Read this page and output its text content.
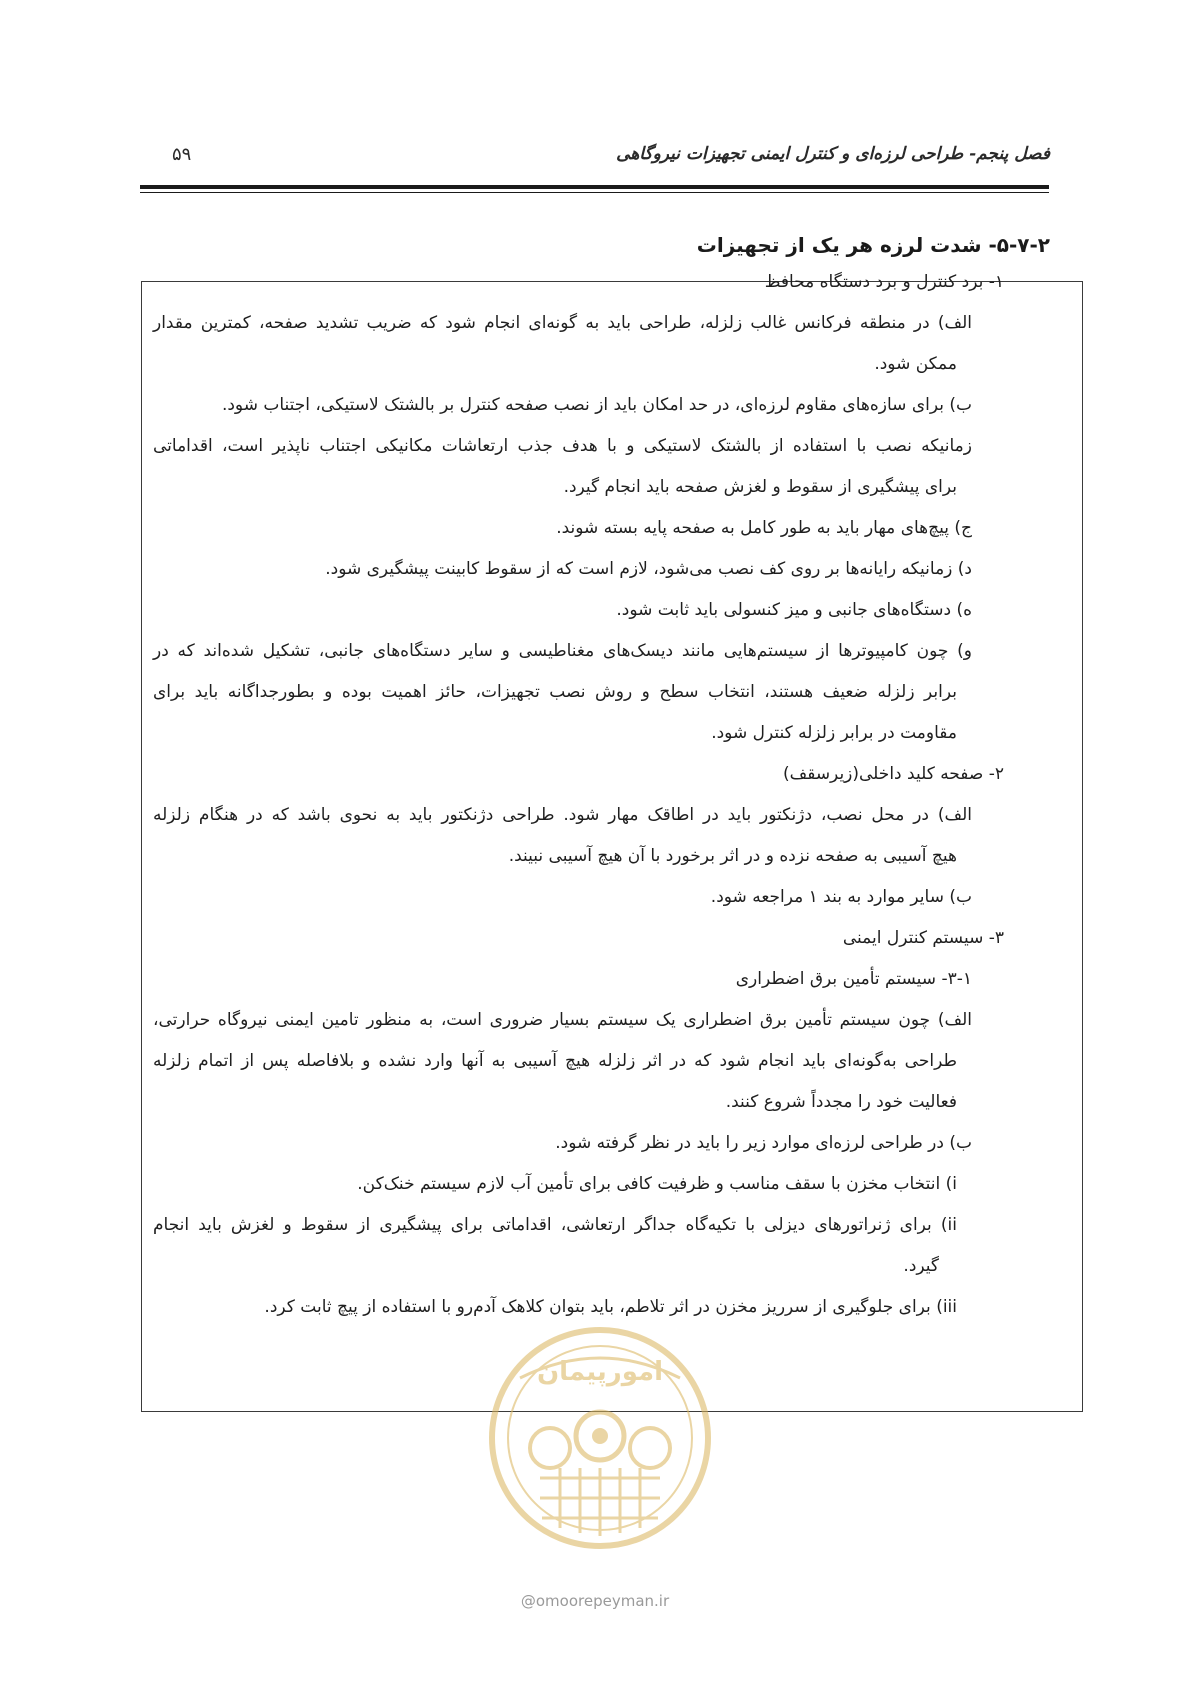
فصل پنجم- طراحی لرزه‌ای و کنترل ایمنی تجهیزات نیروگاهی
۵۹
۵-۷-۲- شدت لرزه هر یک از تجهیزات
۱- برد کنترل و برد دستگاه محافظ
الف) در منطقه فرکانس غالب زلزله، طراحی باید به گونه‌ای انجام شود که ضریب تشدید صفحه، کمترین مقدار
ممکن شود.
ب) برای سازه‌های مقاوم لرزه‌ای، در حد امکان باید از نصب صفحه کنترل بر بالشتک لاستیکی، اجتناب شود.
زمانیکه نصب با استفاده از بالشتک لاستیکی و با هدف جذب ارتعاشات مکانیکی اجتناب ناپذیر است، اقداماتی
برای پیشگیری از سقوط و لغزش صفحه باید انجام گیرد.
ج) پیچ‌های مهار باید به طور کامل به صفحه پایه بسته شوند.
د) زمانیکه رایانه‌ها بر روی کف نصب می‌شود، لازم است که از سقوط کابینت پیشگیری شود.
ه) دستگاه‌های جانبی و میز کنسولی باید ثابت شود.
و) چون کامپیوترها از سیستم‌هایی مانند دیسک‌های مغناطیسی و سایر دستگاه‌های جانبی، تشکیل شده‌اند که در
برابر زلزله ضعیف هستند، انتخاب سطح و روش نصب تجهیزات، حائز اهمیت بوده و بطورجداگانه باید برای
مقاومت در برابر زلزله کنترل شود.
۲- صفحه کلید داخلی(زیرسقف)
الف) در محل نصب، دژنکتور باید در اطاقک مهار شود. طراحی دژنکتور باید به نحوی باشد که در هنگام زلزله
هیچ آسیبی به صفحه نزده و در اثر برخورد با آن هیچ آسیبی نبیند.
ب) سایر موارد به بند ۱ مراجعه شود.
۳- سیستم کنترل ایمنی
۳-۱- سیستم تأمین برق اضطراری
الف) چون سیستم تأمین برق اضطراری یک سیستم بسیار ضروری است، به منظور تامین ایمنی نیروگاه حرارتی،
طراحی به‌گونه‌ای باید انجام شود که در اثر زلزله هیچ آسیبی به آنها وارد نشده و بلافاصله پس از اتمام زلزله
فعالیت خود را مجدداً شروع کنند.
ب) در طراحی لرزه‌ای موارد زیر را باید در نظر گرفته شود.
i) انتخاب مخزن با سقف مناسب و ظرفیت کافی برای تأمین آب لازم سیستم خنک‌کن.
ii) برای ژنراتورهای دیزلی با تکیه‌گاه جداگر ارتعاشی، اقداماتی برای پیشگیری از سقوط و لغزش باید انجام
گیرد.
iii) برای جلوگیری از سرریز مخزن در اثر تلاطم، باید بتوان کلاهک آدم‌رو با استفاده از پیچ ثابت کرد.
امورپیمان
@omoorepeyman.ir
